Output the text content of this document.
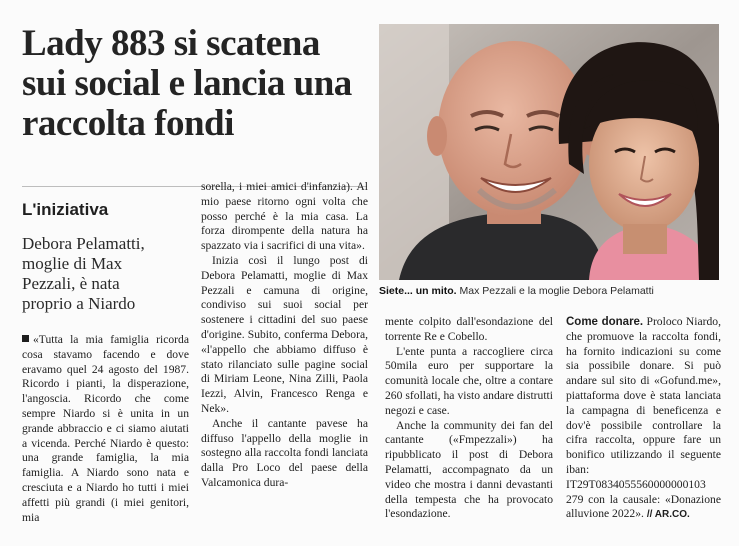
Lady 883 si scatena sui social e lancia una raccolta fondi
L'iniziativa
Debora Pelamatti, moglie di Max Pezzali, è nata proprio a Niardo

«Tutta la mia famiglia ricorda cosa stavamo facendo e dove eravamo quel 24 agosto del 1987. Ricordo i pianti, la disperazione, l'angoscia. Ricordo che come sempre Niardo si è unita in un grande abbraccio e ci siamo aiutati a vicenda. Perché Niardo è questo: una grande famiglia, la mia famiglia. A Niardo sono nata e cresciuta e a Niardo ho tutti i miei affetti più grandi (i miei genitori, mia

sorella, i miei amici d'infanzia). Al mio paese ritorno ogni volta che posso perché è la mia casa. La forza dirompente della natura ha spazzato via i sacrifici di una vita».

Inizia così il lungo post di Debora Pelamatti, moglie di Max Pezzali e camuna di origine, condiviso sui suoi social per sostenere i cittadini del suo paese d'origine. Subito, conferma Debora, «l'appello che abbiamo diffuso è stato rilanciato sulle pagine social di Miriam Leone, Nina Zilli, Paola Iezzi, Alvin, Francesco Renga e Nek».

Anche il cantante pavese ha diffuso l'appello della moglie in sostegno alla raccolta fondi lanciata dalla Pro Loco del paese della Valcamonica dura-

Siete... un mito. Max Pezzali e la moglie Debora Pelamatti

mente colpito dall'esondazione del torrente Re e Cobello.

L'ente punta a raccogliere circa 50mila euro per supportare la comunità locale che, oltre a contare 260 sfollati, ha visto andare distrutti negozi e case.

Anche la community dei fan del cantante («Fmpezzali») ha ripubblicato il post di Debora Pelamatti, accompagnato da un video che mostra i danni devastanti della tempesta che ha provocato l'esondazione.

Come donare. Proloco Niardo, che promuove la raccolta fondi, ha fornito indicazioni su come sia possibile donare. Si può andare sul sito di «Gofund.me», piattaforma dove è stata lanciata la campagna di beneficenza e dov'è possibile controllare la cifra raccolta, oppure fare un bonifico utilizzando il seguente iban: IT29T0834055560000000103 279 con la causale: «Donazione alluvione 2022». // AR.CO.
